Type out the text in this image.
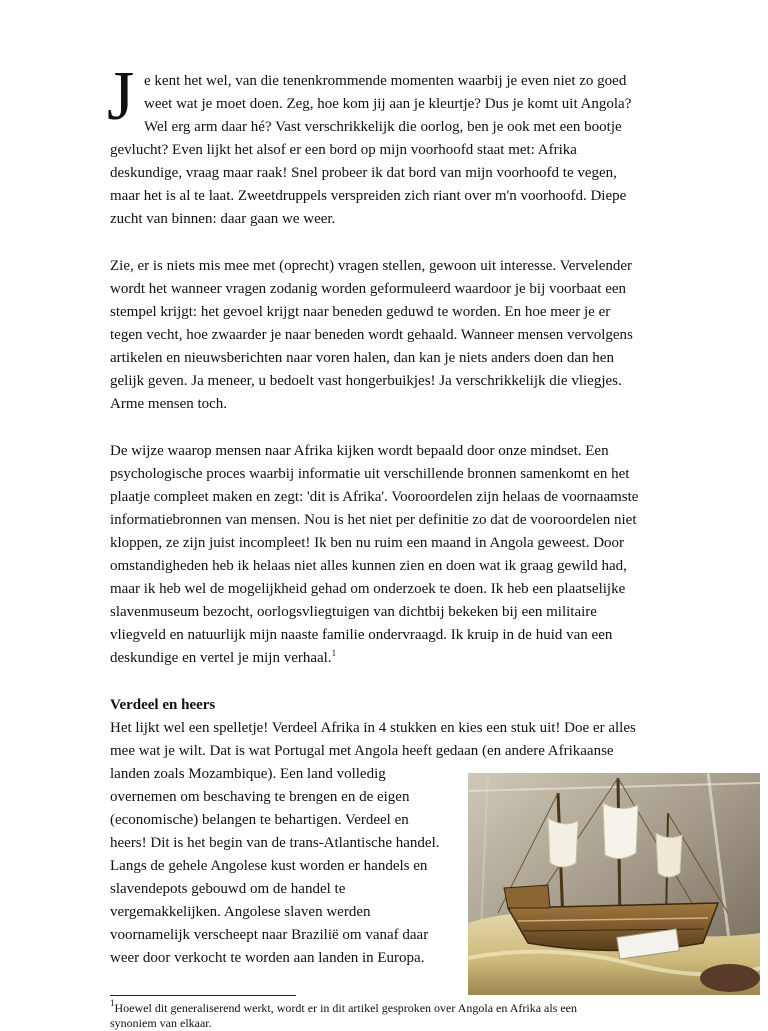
J e kent het wel, van die tenenkrommende momenten waarbij je even niet zo goed
weet wat je moet doen. Zeg, hoe kom jij aan je kleurtje? Dus je komt uit Angola?
Wel erg arm daar hé? Vast verschrikkelijk die oorlog, ben je ook met een bootje
gevlucht? Even lijkt het alsof er een bord op mijn voorhoofd staat met: Afrika
deskundige, vraag maar raak! Snel probeer ik dat bord van mijn voorhoofd te vegen,
maar het is al te laat. Zweetdruppels verspreiden zich riant over m'n voorhoofd. Diepe
zucht van binnen: daar gaan we weer.
Zie, er is niets mis mee met (oprecht) vragen stellen, gewoon uit interesse. Vervelender
wordt het wanneer vragen zodanig worden geformuleerd waardoor je bij voorbaat een
stempel krijgt: het gevoel krijgt naar beneden geduwd te worden. En hoe meer je er
tegen vecht, hoe zwaarder je naar beneden wordt gehaald. Wanneer mensen vervolgens
artikelen en nieuwsberichten naar voren halen, dan kan je niets anders doen dan hen
gelijk geven. Ja meneer, u bedoelt vast hongerbuikjes! Ja verschrikkelijk die vliegjes.
Arme mensen toch.
De wijze waarop mensen naar Afrika kijken wordt bepaald door onze mindset. Een
psychologische proces waarbij informatie uit verschillende bronnen samenkomt en het
plaatje compleet maken en zegt: 'dit is Afrika'. Vooroordelen zijn helaas de voornaamste
informatiebronnen van mensen. Nou is het niet per definitie zo dat de vooroordelen niet
kloppen, ze zijn juist incompleet! Ik ben nu ruim een maand in Angola geweest. Door
omstandigheden heb ik helaas niet alles kunnen zien en doen wat ik graag gewild had,
maar ik heb wel de mogelijkheid gehad om onderzoek te doen. Ik heb een plaatselijke
slavenmuseum bezocht, oorlogsvliegtuigen van dichtbij bekeken bij een militaire
vliegveld en natuurlijk mijn naaste familie ondervraagd. Ik kruip in de huid van een
deskundige en vertel je mijn verhaal.$^1$
Verdeel en heers
Het lijkt wel een spelletje! Verdeel Afrika in 4 stukken en kies een stuk uit! Doe er alles
mee wat je wilt. Dat is wat Portugal met Angola heeft gedaan (en andere Afrikaanse
landen zoals Mozambique). Een land volledig
overnemen om beschaving te brengen en de eigen
(economische) belangen te behartigen. Verdeel en
heers! Dit is het begin van de trans-Atlantische handel.
Langs de gehele Angolese kust worden er handels en
slavendepots gebouwd om de handel te
vergemakkelijken. Angolese slaven werden
voornamelijk verscheept naar Brazilië om vanaf daar
weer door verkocht te worden aan landen in Europa.
$^1$Hoewel dit generaliserend werkt, wordt er in dit artikel gesproken over Angola en Afrika als een
synoniem van elkaar.
